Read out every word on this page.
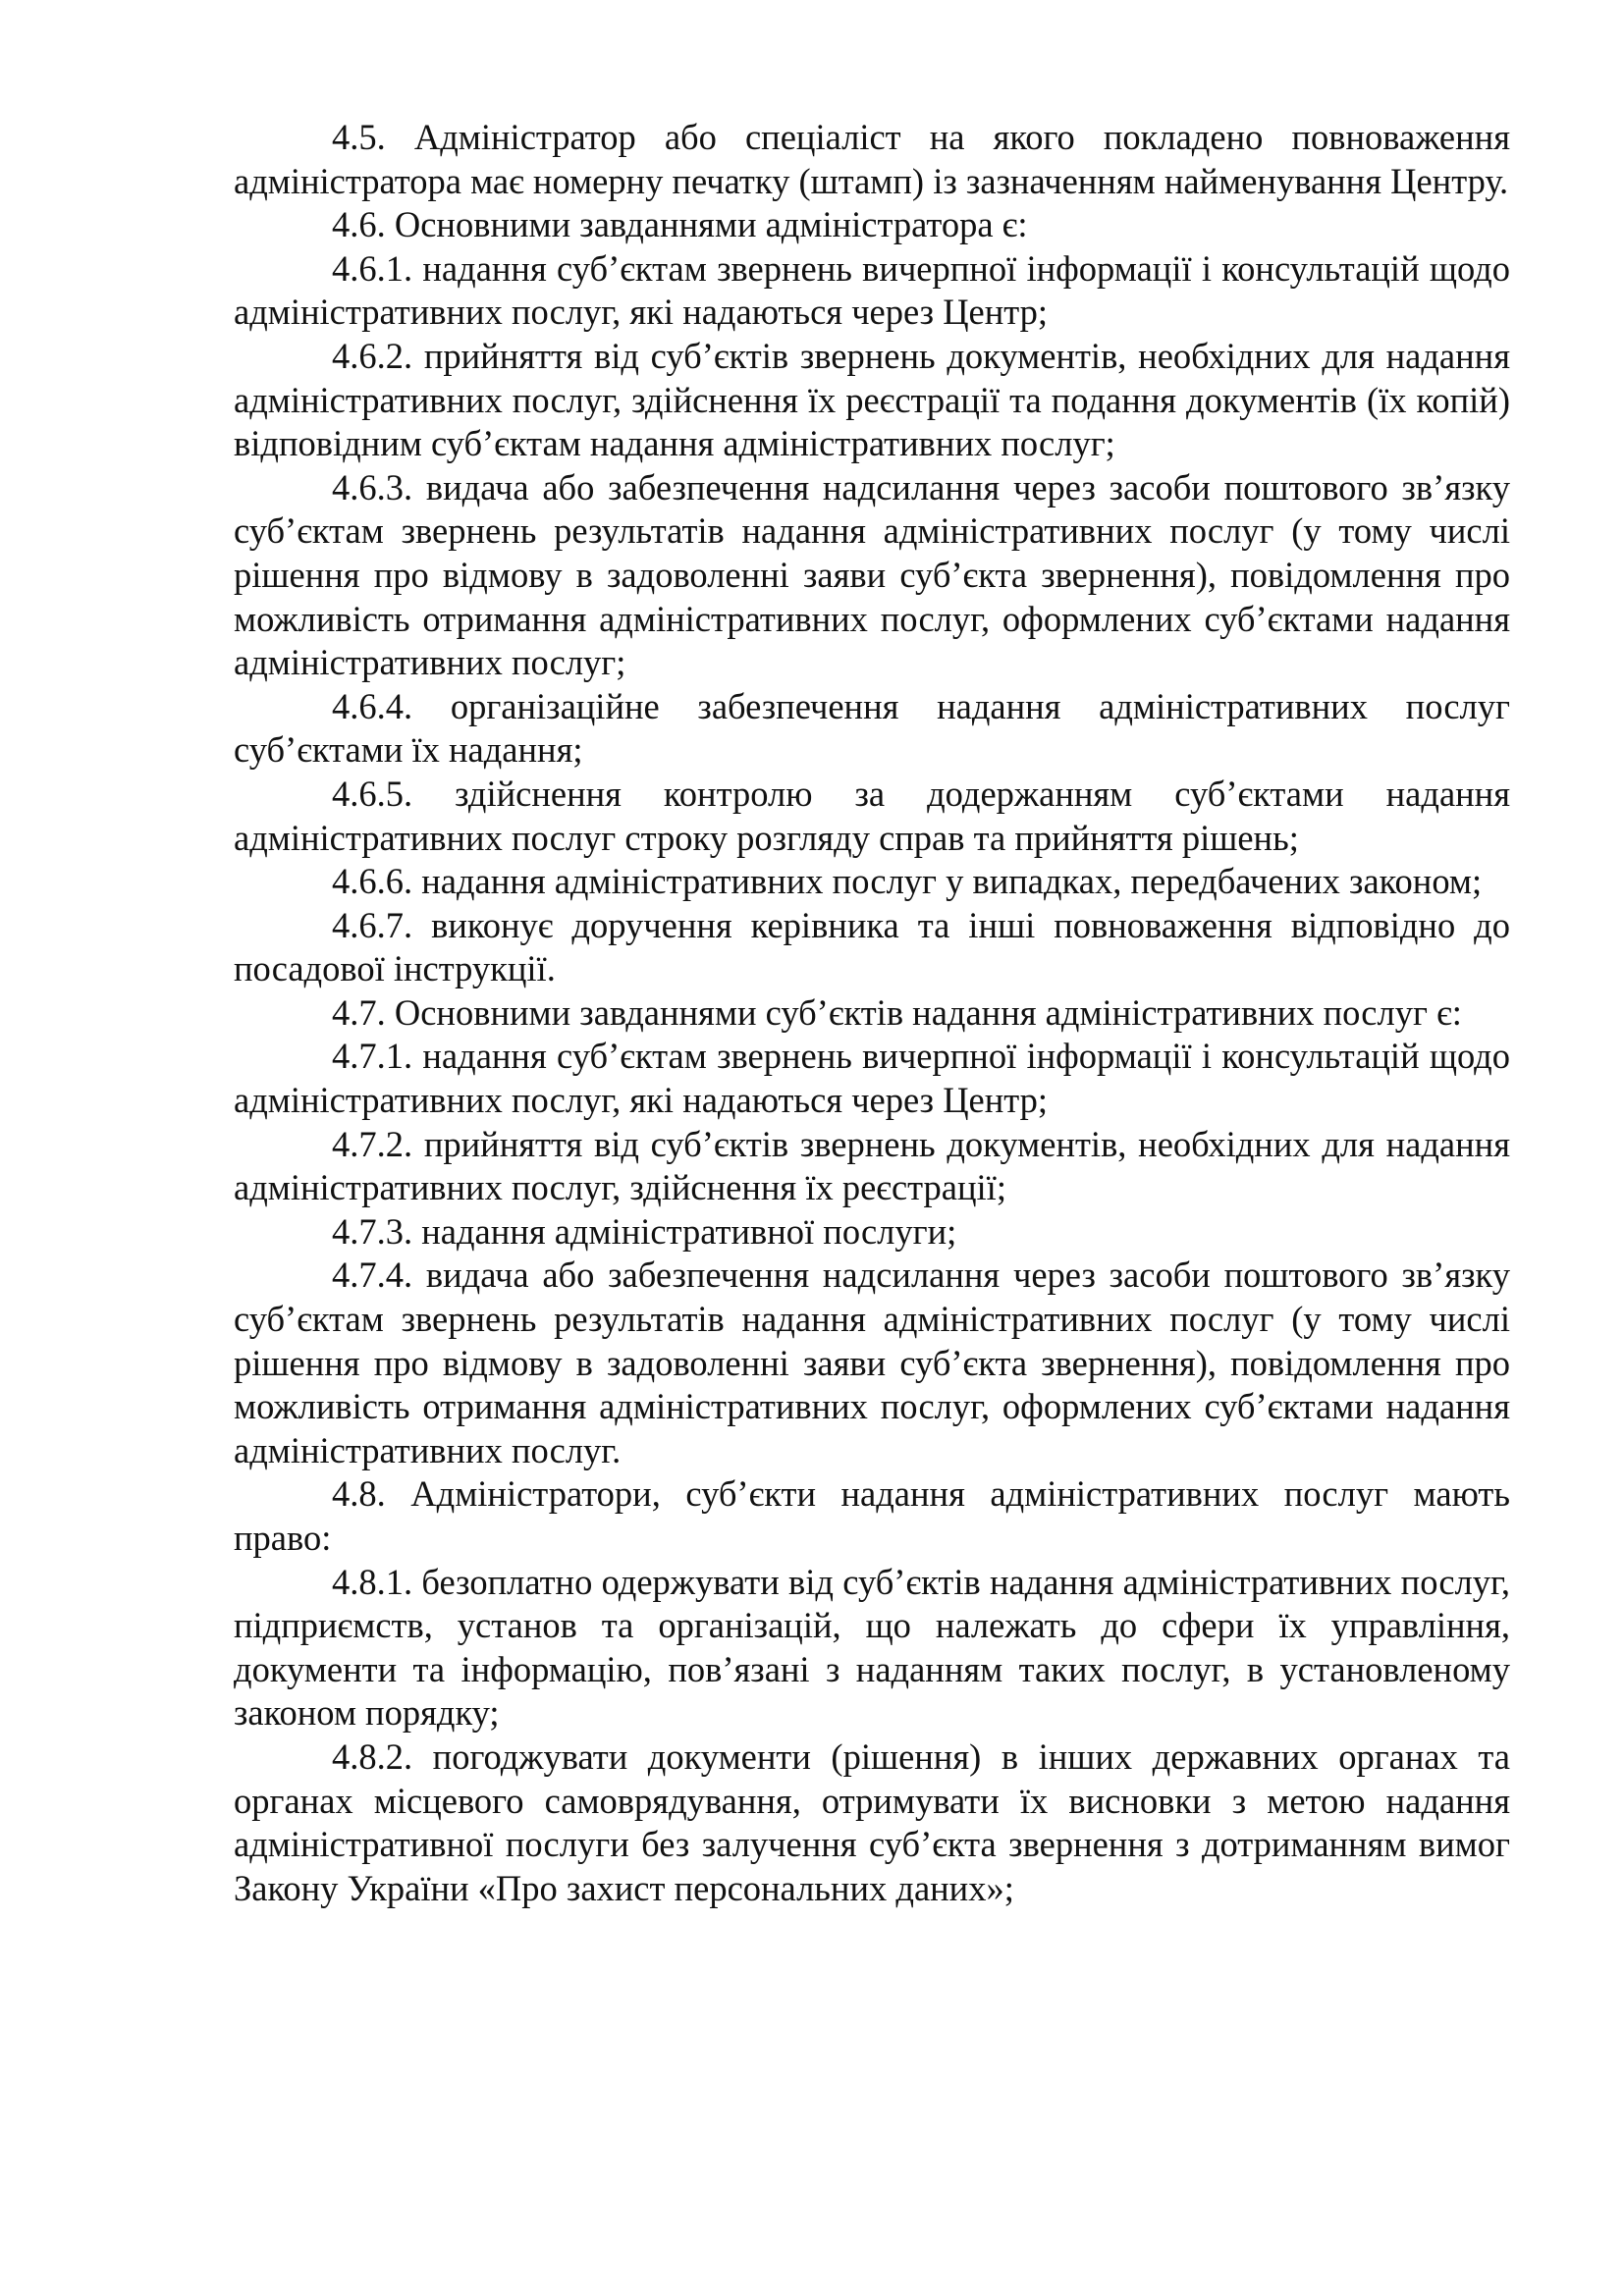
4.5. Адміністратор або спеціаліст на якого покладено повноваження адміністратора має номерну печатку (штамп) із зазначенням найменування Центру.

4.6. Основними завданнями адміністратора є:

4.6.1. надання суб’єктам звернень вичерпної інформації і консультацій щодо адміністративних послуг, які надаються через Центр;

4.6.2. прийняття від суб’єктів звернень документів, необхідних для надання адміністративних послуг, здійснення їх реєстрації та подання документів (їх копій) відповідним суб’єктам надання адміністративних послуг;

4.6.3. видача або забезпечення надсилання через засоби поштового зв’язку суб’єктам звернень результатів надання адміністративних послуг (у тому числі рішення про відмову в задоволенні заяви суб’єкта звернення), повідомлення про можливість отримання адміністративних послуг, оформлених суб’єктами надання адміністративних послуг;

4.6.4. організаційне забезпечення надання адміністративних послуг суб’єктами їх надання;

4.6.5. здійснення контролю за додержанням суб’єктами надання адміністративних послуг строку розгляду справ та прийняття рішень;

4.6.6. надання адміністративних послуг у випадках, передбачених законом;

4.6.7. виконує доручення керівника та інші повноваження відповідно до посадової інструкції.

4.7. Основними завданнями суб’єктів надання адміністративних послуг є:

4.7.1. надання суб’єктам звернень вичерпної інформації і консультацій щодо адміністративних послуг, які надаються через Центр;

4.7.2. прийняття від суб’єктів звернень документів, необхідних для надання адміністративних послуг, здійснення їх реєстрації;

4.7.3. надання адміністративної послуги;

4.7.4. видача або забезпечення надсилання через засоби поштового зв’язку суб’єктам звернень результатів надання адміністративних послуг (у тому числі рішення про відмову в задоволенні заяви суб’єкта звернення), повідомлення про можливість отримання адміністративних послуг, оформлених суб’єктами надання адміністративних послуг.

4.8. Адміністратори, суб’єкти надання адміністративних послуг мають право:

4.8.1. безоплатно одержувати від суб’єктів надання адміністративних послуг, підприємств, установ та організацій, що належать до сфери їх управління, документи та інформацію, пов’язані з наданням таких послуг, в установленому законом порядку;

4.8.2. погоджувати документи (рішення) в інших державних органах та органах місцевого самоврядування, отримувати їх висновки з метою надання адміністративної послуги без залучення суб’єкта звернення з дотриманням вимог Закону України «Про захист персональних даних»;
